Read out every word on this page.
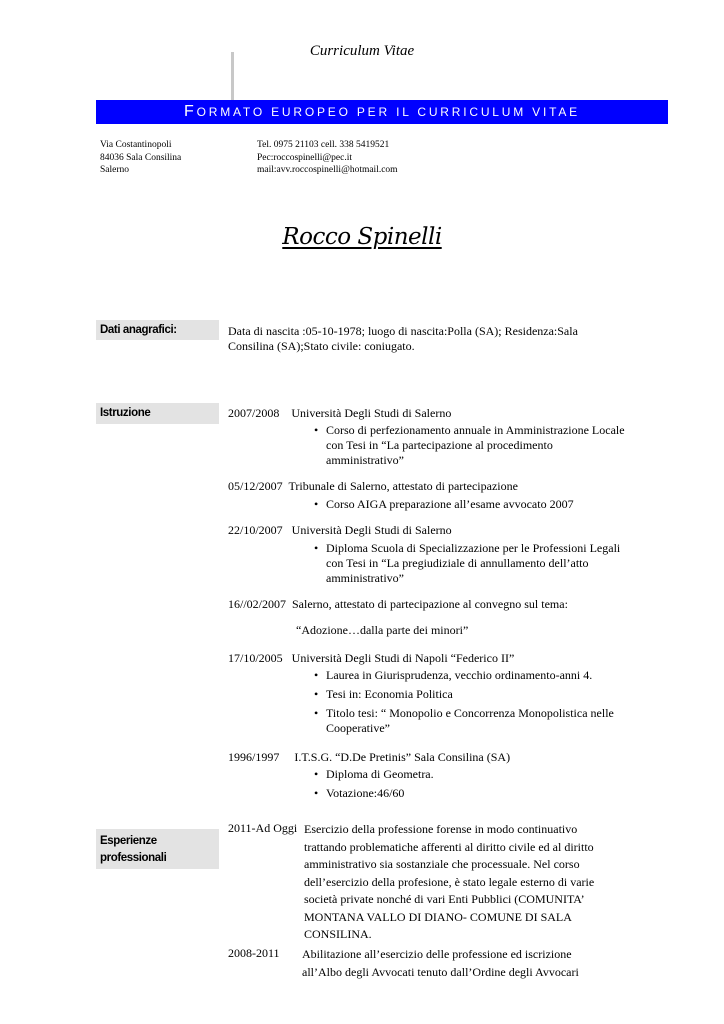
Curriculum Vitae
FORMATO EUROPEO PER IL CURRICULUM VITAE
Via Costantinopoli
84036 Sala Consilina
Salerno
Tel. 0975 21103 cell. 338 5419521
Pec:roccospinelli@pec.it
mail:avv.roccospinelli@hotmail.com
Rocco Spinelli
Dati anagrafici:	Data di nascita :05-10-1978; luogo di nascita:Polla (SA); Residenza:Sala
Consilina (SA);Stato civile: coniugato.
Istruzione	2007/2008    Università Degli Studi di Salerno
• Corso di perfezionamento annuale in Amministrazione Locale con Tesi in “La partecipazione al procedimento amministrativo”
05/12/2007  Tribunale di Salerno, attestato di partecipazione
• Corso AIGA preparazione all’esame avvocato 2007
22/10/2007   Università Degli Studi di Salerno
• Diploma Scuola di Specializzazione per le Professioni Legali con Tesi in “La pregiudiziale di annullamento dell’atto amministrativo”
16//02/2007  Salerno, attestato di partecipazione al convegno sul tema:
“Adozione…dalla parte dei minori”
17/10/2005   Università Degli Studi di Napoli “Federico II”
• Laurea in Giurisprudenza, vecchio ordinamento-anni 4.
• Tesi in: Economia Politica
• Titolo tesi: “ Monopolio e Concorrenza Monopolistica nelle Cooperative”
1996/1997     I.T.S.G. “D.De Pretinis” Sala Consilina (SA)
• Diploma di Geometra.
• Votazione:46/60
Esperienze
professionali
2011-Ad Oggi Esercizio della professione forense in modo continuativo
trattando problematiche afferenti al diritto civile ed al diritto
amministrativo sia sostanziale che processuale. Nel corso
dell’esercizio della profesione, è stato legale esterno di varie
società private nonché di vari Enti Pubblici (COMUNITA’
MONTANA VALLO DI DIANO- COMUNE DI SALA
CONSILINA.
2008-2011 Abilitazione all’esercizio delle professione ed iscrizione
all’Albo degli Avvocati tenuto dall’Ordine degli Avvocari
